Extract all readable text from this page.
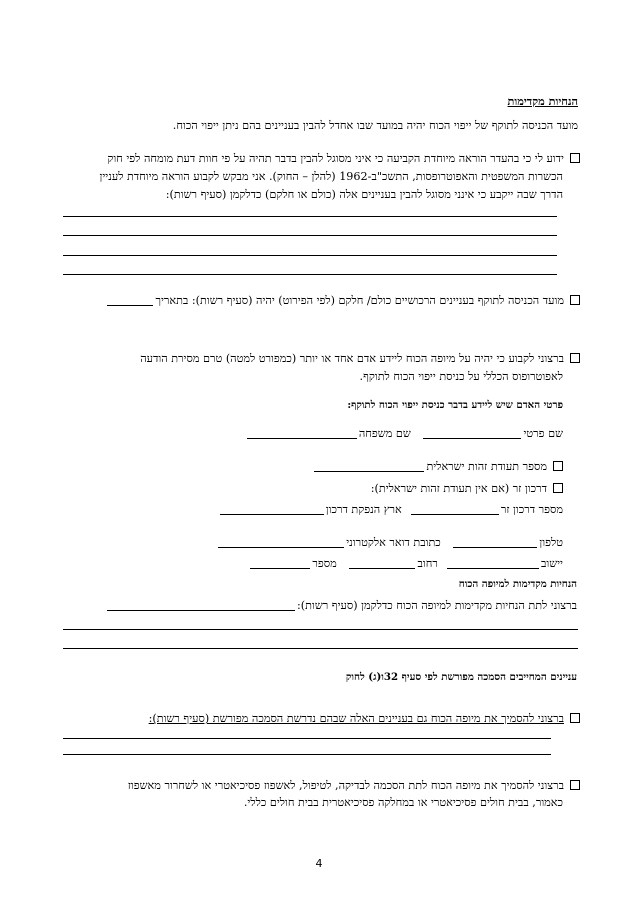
הנחיות מקדימות
מועד הכניסה לתוקף של ייפוי הכוח יהיה במועד שבו אחדל להבין בעניינים בהם ניתן ייפוי הכוח.
ידוע לי כי בהעדר הוראה מיוחדת הקביעה כי איני מסוגל להבין בדבר תהיה על פי חוות דעת מומחה לפי חוק
הכשרות המשפטית והאפוטרופסות, התשכ"ב-1962 (להלן – החוק). אני מבקש לקבוע הוראה מיוחדת לעניין
הדרך שבה ייקבע כי אינני מסוגל להבין בעניינים אלה (כולם או חלקם) כדלקמן (סעיף רשות):
מועד הכניסה לתוקף בעניינים הרכושיים כולם/ חלקם (לפי הפירוט) יהיה (סעיף רשות): בתאריך
ברצוני לקבוע כי יהיה על מיופה הכוח ליידע אדם אחד או יותר (כמפורט למטה) טרם מסירת הודעה
לאפוטרופוס הכללי על כניסת ייפוי הכוח לתוקף.
פרטי האדם שיש ליידע בדבר כניסת ייפוי הכוח לתוקף:
שם פרטי   שם משפחה
מספר תעודת זהות ישראלית
דרכון זר (אם אין תעודת זהות ישראלית):
מספר דרכון זר  ארץ הנפקת דרכון
טלפון   כתובת דואר אלקטרוני
יישוב  רחוב   מספר
הנחיות מקדימות למיופה הכוח
ברצוני לתת הנחיות מקדימות למיופה הכוח כדלקמן (סעיף רשות):
עניינים המחייבים הסמכה מפורשת לפי סעיף 32ו(ג) לחוק
ברצוני להסמיך את מיופה הכוח גם בעניינים האלה שבהם נדרשת הסמכה מפורשת (סעיף רשות):
ברצוני להסמיך את מיופה הכוח לתת הסכמה לבדיקה, לטיפול, לאשפוז פסיכיאטרי או לשחרור מאשפוז
כאמור, בבית חולים פסיכיאטרי או במחלקה פסיכיאטרית בבית חולים כללי.
4
